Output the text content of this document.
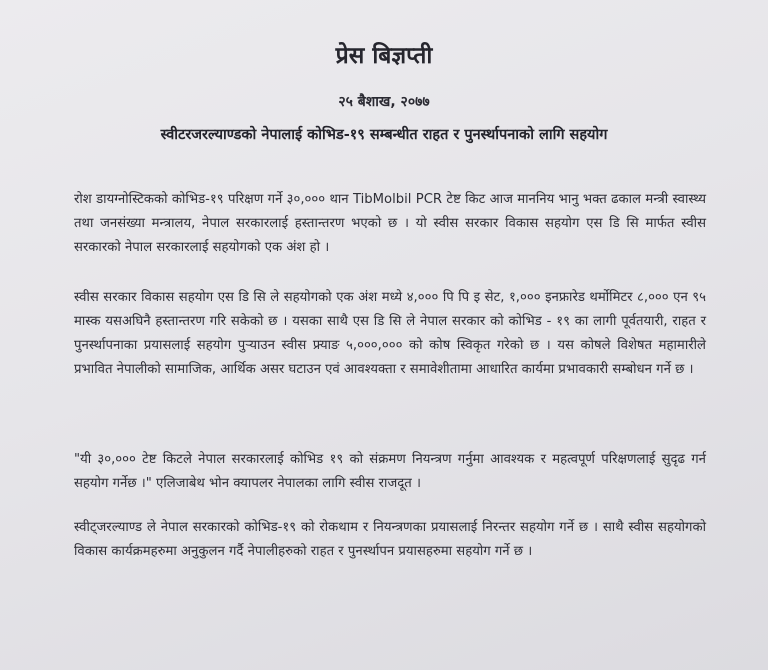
प्रेस बिज्ञप्ती
२५ बैशाख, २०७७
स्वीटरजरल्याण्डको नेपालाई कोभिड-१९ सम्बन्धीत राहत र पुनर्स्थापनाको लागि सहयोग
रोश डायग्नोस्टिकको कोभिड-१९ परिक्षण गर्ने ३०,००० थान TibMolbil PCR टेष्ट किट आज माननिय भानु भक्त ढकाल मन्त्री स्वास्थ्य तथा जनसंख्या मन्त्रालय, नेपाल सरकारलाई हस्तान्तरण भएको छ । यो स्वीस सरकार विकास सहयोग एस डि सि मार्फत स्वीस सरकारको नेपाल सरकारलाई सहयोगको एक अंश हो ।
स्वीस सरकार विकास सहयोग एस डि सि ले सहयोगको एक अंश मध्ये ४,००० पि पि इ सेट, १,००० इनफ्रारेड थर्मोमिटर ८,००० एन ९५ मास्क यसअघिनै हस्तान्तरण गरि सकेको छ । यसका साथै एस डि सि ले नेपाल सरकार को कोभिड - १९ का लागी पूर्वतयारी, राहत र पुनर्स्थापनाका प्रयासलाई सहयोग पुऱ्याउन स्वीस फ्र्याङ ५,०००,००० को कोष स्विकृत गरेको छ । यस कोषले विशेषत महामारीले प्रभावित नेपालीको सामाजिक, आर्थिक असर घटाउन एवं आवश्यक्ता र समावेशीतामा आधारित कार्यमा प्रभावकारी सम्बोधन गर्ने छ ।
"यी ३०,००० टेष्ट किटले नेपाल सरकारलाई कोभिड १९ को संक्रमण नियन्त्रण गर्नुमा आवश्यक र महत्वपूर्ण परिक्षणलाई सुदृढ गर्न सहयोग गर्नेछ ।" एलिजाबेथ भोन क्यापलर नेपालका लागि स्वीस राजदूत ।
स्वीट्जरल्याण्ड ले नेपाल सरकारको कोभिड-१९ को रोकथाम र नियन्त्रणका प्रयासलाई निरन्तर सहयोग गर्ने छ । साथै स्वीस सहयोगको विकास कार्यक्रमहरुमा अनुकुलन गर्दै नेपालीहरुको राहत र पुनर्स्थापन प्रयासहरुमा सहयोग गर्ने छ ।
